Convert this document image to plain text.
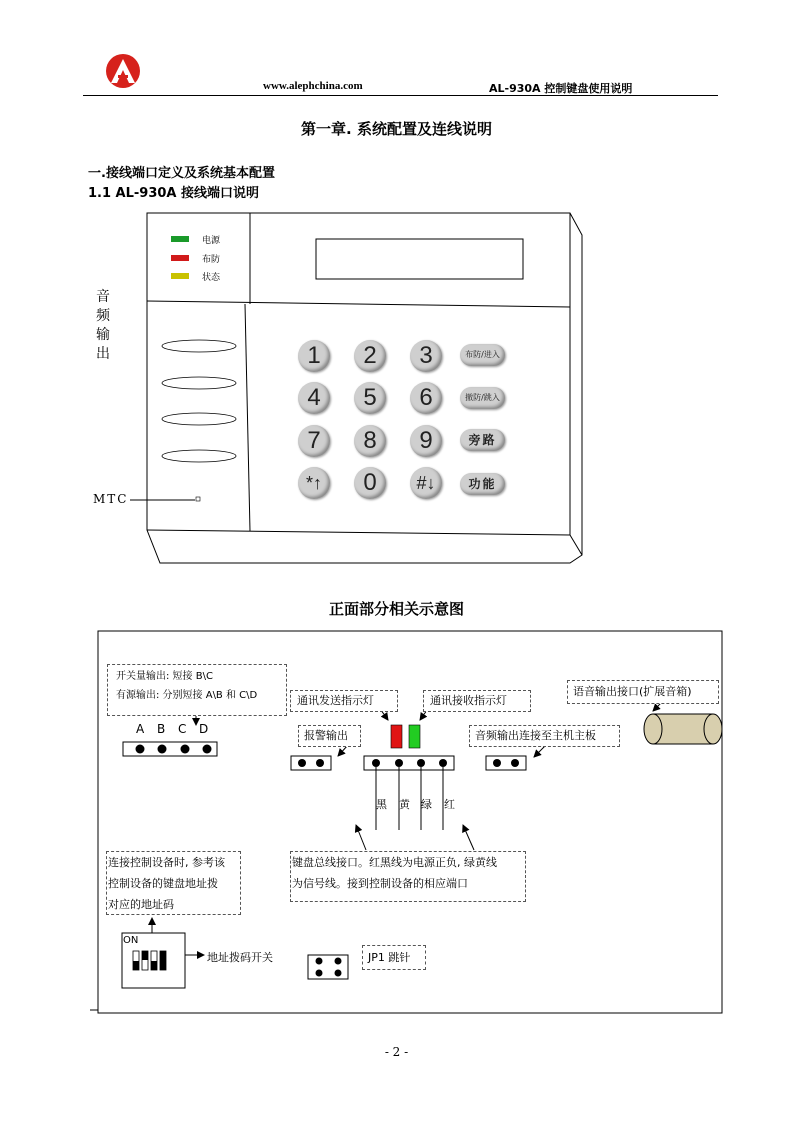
www.alephchina.com	AL-930A 控制键盘使用说明
第一章. 系统配置及连线说明
一.接线端口定义及系统基本配置
1.1 AL-930A 接线端口说明
电源
布防
状态
音频输出
MTC
1	2	3
4	5	6
7	8	9
*↑	0	#↓
布防/进入
撤防/跳入
旁路
功能
正面部分相关示意图
开关量输出: 短接 B\C
有源输出: 分别短接 A\B 和 C\D
A B C D
通讯发送指示灯	通讯接收指示灯
语音输出接口(扩展音箱)
报警输出	音频输出连接至主机主板
黑 黄 绿 红
连接控制设备时, 参考该
控制设备的键盘地址拨
对应的地址码
键盘总线接口。红黑线为电源正负, 绿黄线
为信号线。接到控制设备的相应端口
ON
地址拨码开关	JP1 跳针
- 2 -
